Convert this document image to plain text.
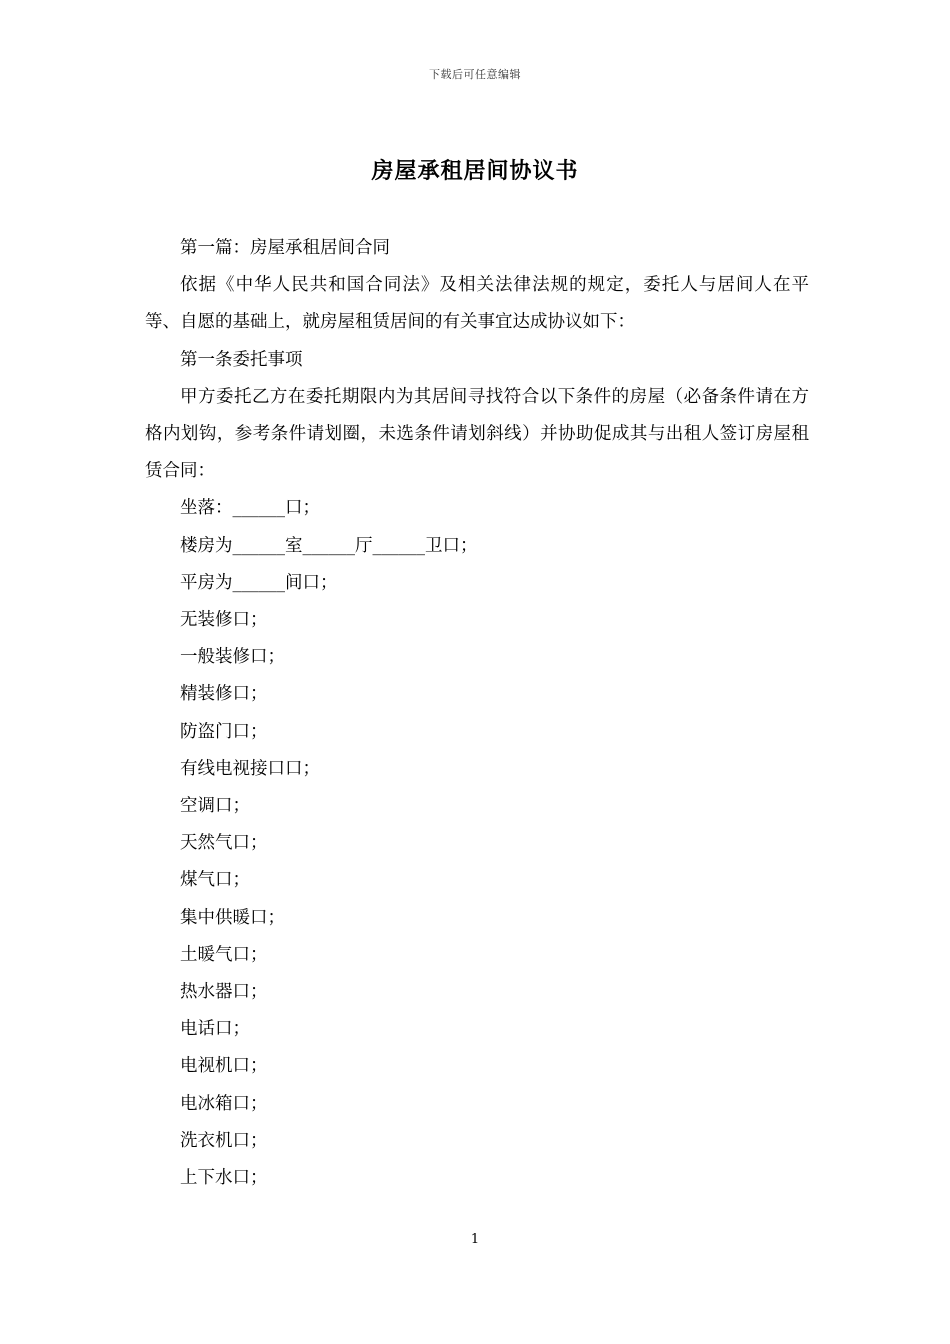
下载后可任意编辑
房屋承租居间协议书

第一篇：房屋承租居间合同

依据《中华人民共和国合同法》及相关法律法规的规定，委托人与居间人在平等、自愿的基础上，就房屋租赁居间的有关事宜达成协议如下：

第一条委托事项

甲方委托乙方在委托期限内为其居间寻找符合以下条件的房屋（必备条件请在方格内划钩，参考条件请划圈，未选条件请划斜线）并协助促成其与出租人签订房屋租赁合同：

坐落：______口；

楼房为______室______厅______卫口；

平房为______间口；

无装修口；

一般装修口；

精装修口；

防盗门口；

有线电视接口口；

空调口；

天然气口；

煤气口；

集中供暖口；

土暖气口；

热水器口；

电话口；

电视机口；

电冰箱口；

洗衣机口；

上下水口；

1
